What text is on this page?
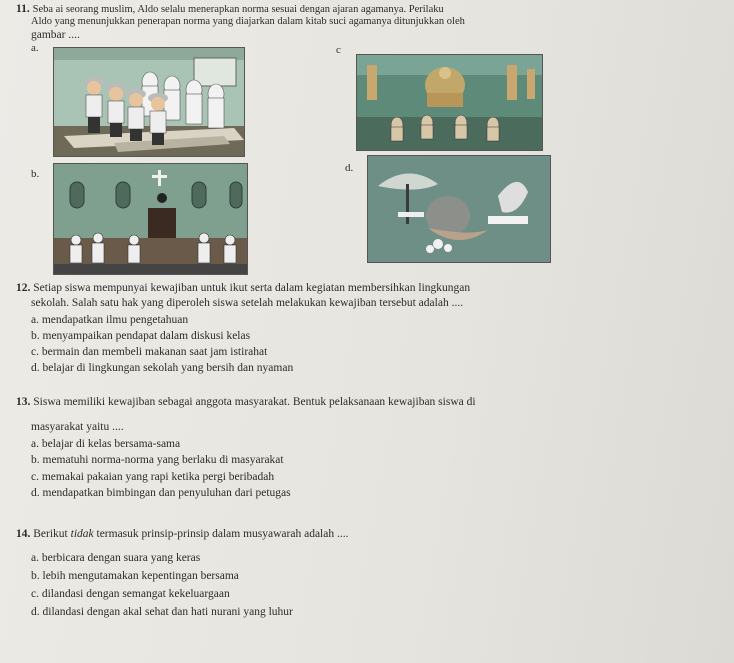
11. Seba ai seorang muslim, Aldo selalu menerapkan norma sesuai dengan ajaran agamanya. Perilaku
Aldo yang menunjukkan penerapan norma yang diajarkan dalam kitab suci agamanya ditunjukkan oleh
gambar ....
a.	c
b.	d.
12. Setiap siswa mempunyai kewajiban untuk ikut serta dalam kegiatan membersihkan lingkungan
sekolah. Salah satu hak yang diperoleh siswa setelah melakukan kewajiban tersebut adalah ....
a. mendapatkan ilmu pengetahuan
b. menyampaikan pendapat dalam diskusi kelas
c. bermain dan membeli makanan saat jam istirahat
d. belajar di lingkungan sekolah yang bersih dan nyaman
13. Siswa memiliki kewajiban sebagai anggota masyarakat. Bentuk pelaksanaan kewajiban siswa di
masyarakat yaitu ....
a. belajar di kelas bersama-sama
b. mematuhi norma-norma yang berlaku di masyarakat
c. memakai pakaian yang rapi ketika pergi beribadah
d. mendapatkan bimbingan dan penyuluhan dari petugas
14. Berikut tidak termasuk prinsip-prinsip dalam musyawarah adalah ....
a. berbicara dengan suara yang keras
b. lebih mengutamakan kepentingan bersama
c. dilandasi dengan semangat kekeluargaan
d. dilandasi dengan akal sehat dan hati nurani yang luhur
